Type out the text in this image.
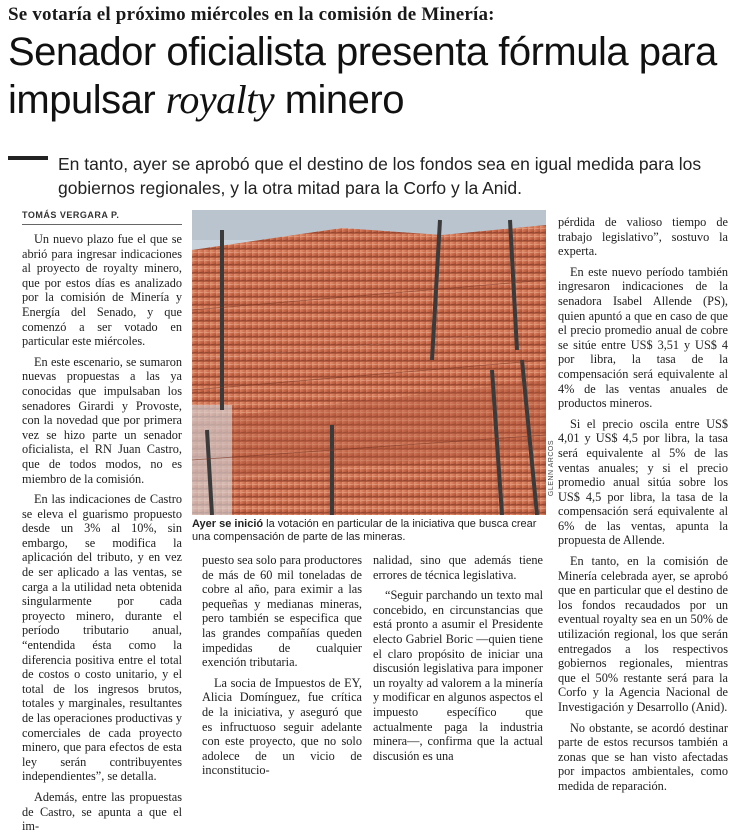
Se votaría el próximo miércoles en la comisión de Minería:
Senador oficialista presenta fórmula para impulsar royalty minero
En tanto, ayer se aprobó que el destino de los fondos sea en igual medida para los gobiernos regionales, y la otra mitad para la Corfo y la Anid.
TOMÁS VERGARA P.

Un nuevo plazo fue el que se abrió para ingresar indicaciones al proyecto de royalty minero, que por estos días es analizado por la comisión de Minería y Energía del Senado, y que comenzó a ser votado en particular este miércoles.

En este escenario, se sumaron nuevas propuestas a las ya conocidas que impulsaban los senadores Girardi y Provoste, con la novedad que por primera vez se hizo parte un senador oficialista, el RN Juan Castro, que de todos modos, no es miembro de la comisión.

En las indicaciones de Castro se eleva el guarismo propuesto desde un 3% al 10%, sin embargo, se modifica la aplicación del tributo, y en vez de ser aplicado a las ventas, se carga a la utilidad neta obtenida singularmente por cada proyecto minero, durante el período tributario anual, “entendida ésta como la diferencia positiva entre el total de costos o costo unitario, y el total de los ingresos brutos, totales y marginales, resultantes de las operaciones productivas y comerciales de cada proyecto minero, que para efectos de esta ley serán contribuyentes independientes”, se detalla.

Además, entre las propuestas de Castro, se apunta a que el im-

GLENN ARCOS
Ayer se inició la votación en particular de la iniciativa que busca crear una compensación de parte de las mineras.

puesto sea solo para productores de más de 60 mil toneladas de cobre al año, para eximir a las pequeñas y medianas mineras, pero también se especifica que las grandes compañías queden impedidas de cualquier exención tributaria.

La socia de Impuestos de EY, Alicia Domínguez, fue crítica de la iniciativa, y aseguró que es infructuoso seguir adelante con este proyecto, que no solo adolece de un vicio de inconstitucio-

nalidad, sino que además tiene errores de técnica legislativa.

“Seguir parchando un texto mal concebido, en circunstancias que está pronto a asumir el Presidente electo Gabriel Boric —quien tiene el claro propósito de iniciar una discusión legislativa para imponer un royalty ad valorem a la minería y modificar en algunos aspectos el impuesto específico que actualmente paga la industria minera—, confirma que la actual discusión es una

pérdida de valioso tiempo de trabajo legislativo”, sostuvo la experta.

En este nuevo período también ingresaron indicaciones de la senadora Isabel Allende (PS), quien apuntó a que en caso de que el precio promedio anual de cobre se sitúe entre US$ 3,51 y US$ 4 por libra, la tasa de la compensación será equivalente al 4% de las ventas anuales de productos mineros.

Si el precio oscila entre US$ 4,01 y US$ 4,5 por libra, la tasa será equivalente al 5% de las ventas anuales; y si el precio promedio anual sitúa sobre los US$ 4,5 por libra, la tasa de la compensación será equivalente al 6% de las ventas, apunta la propuesta de Allende.

En tanto, en la comisión de Minería celebrada ayer, se aprobó que en particular que el destino de los fondos recaudados por un eventual royalty sea en un 50% de utilización regional, los que serán entregados a los respectivos gobiernos regionales, mientras que el 50% restante será para la Corfo y la Agencia Nacional de Investigación y Desarrollo (Anid).

No obstante, se acordó destinar parte de estos recursos también a zonas que se han visto afectadas por impactos ambientales, como medida de reparación.
